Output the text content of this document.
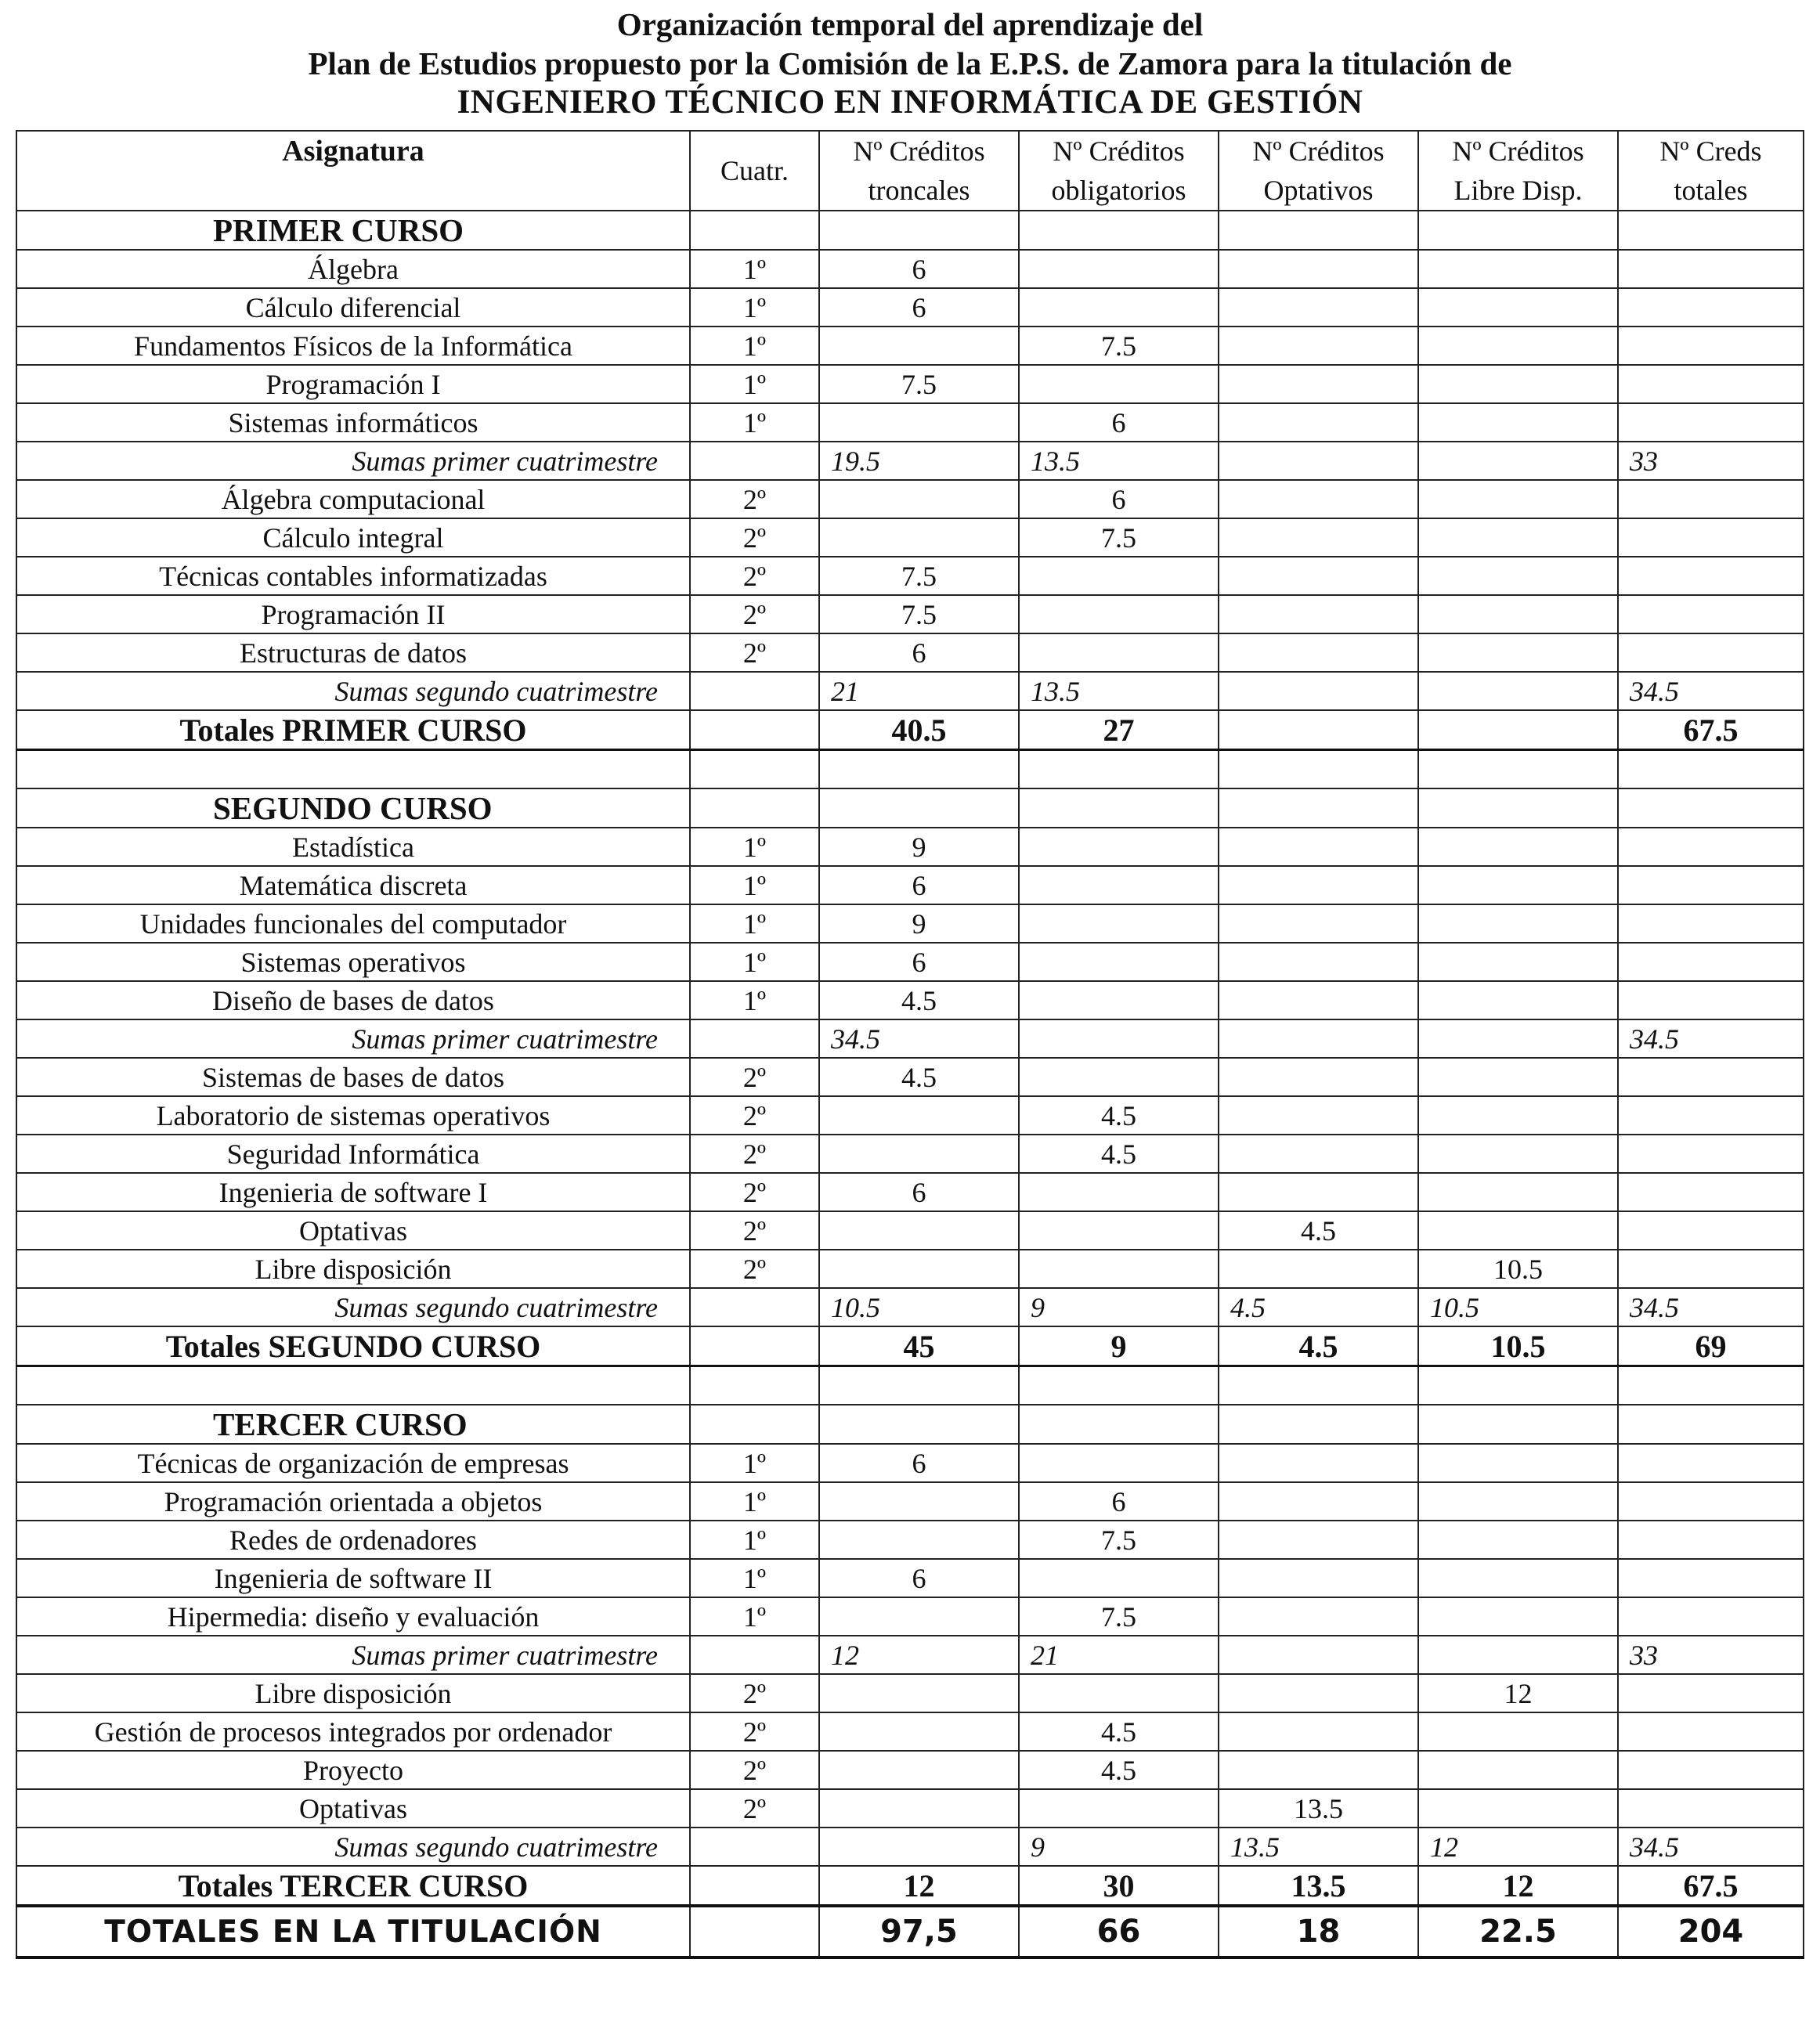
Organización temporal del aprendizaje del
Plan de Estudios propuesto por la Comisión de la E.P.S. de Zamora para la titulación de
INGENIERO TÉCNICO EN INFORMÁTICA DE GESTIÓN
Asignatura	Cuatr.	Nº Créditos troncales	Nº Créditos obligatorios	Nº Créditos Optativos	Nº Créditos Libre Disp.	Nº Creds totales
PRIMER CURSO						
Álgebra	1º	6				
Cálculo diferencial	1º	6				
Fundamentos Físicos de la Informática	1º		7.5			
Programación I	1º	7.5				
Sistemas informáticos	1º		6			
Sumas primer cuatrimestre		19.5	13.5			33
Álgebra computacional	2º		6			
Cálculo integral	2º		7.5			
Técnicas contables informatizadas	2º	7.5				
Programación II	2º	7.5				
Estructuras de datos	2º	6				
Sumas segundo cuatrimestre		21	13.5			34.5
Totales PRIMER CURSO		40.5	27			67.5

SEGUNDO CURSO						
Estadística	1º	9				
Matemática discreta	1º	6				
Unidades funcionales del computador	1º	9				
Sistemas operativos	1º	6				
Diseño de bases de datos	1º	4.5				
Sumas primer cuatrimestre		34.5				34.5
Sistemas de bases de datos	2º	4.5				
Laboratorio de sistemas operativos	2º		4.5			
Seguridad Informática	2º		4.5			
Ingenieria de software I	2º	6				
Optativas	2º			4.5		
Libre disposición	2º				10.5	
Sumas segundo cuatrimestre		10.5	9	4.5	10.5	34.5
Totales SEGUNDO CURSO		45	9	4.5	10.5	69

TERCER CURSO						
Técnicas de organización de empresas	1º	6				
Programación orientada a objetos	1º		6			
Redes de ordenadores	1º		7.5			
Ingenieria de software II	1º	6				
Hipermedia: diseño y evaluación	1º		7.5			
Sumas primer cuatrimestre		12	21			33
Libre disposición	2º				12	
Gestión de procesos integrados por ordenador	2º		4.5			
Proyecto	2º		4.5			
Optativas	2º			13.5		
Sumas segundo cuatrimestre			9	13.5	12	34.5
Totales TERCER CURSO		12	30	13.5	12	67.5
TOTALES EN LA TITULACIÓN		97,5	66	18	22.5	204
